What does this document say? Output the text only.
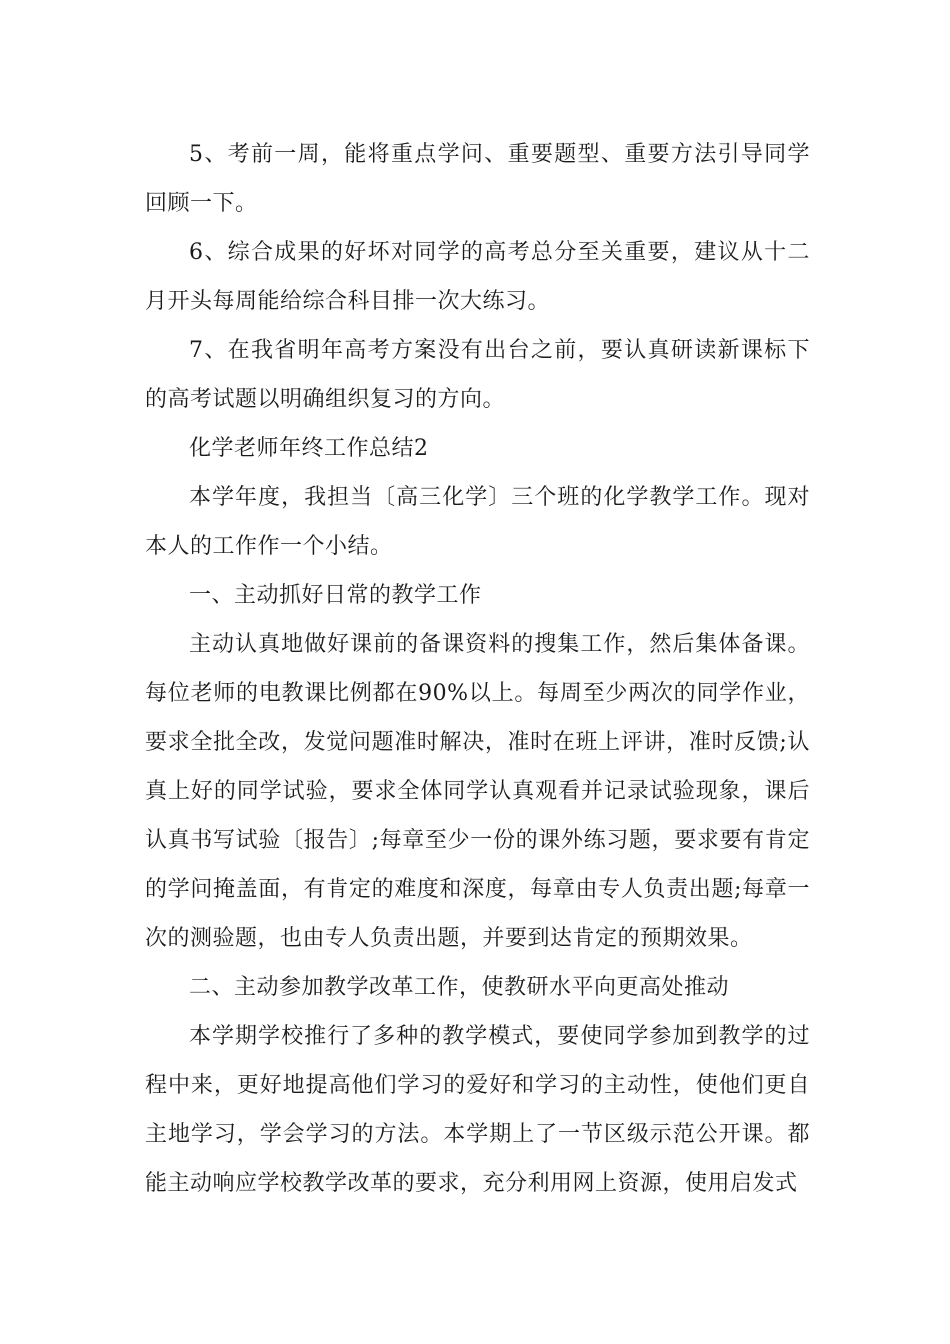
5、考前一周，能将重点学问、重要题型、重要方法引导同学回顾一下。

6、综合成果的好坏对同学的高考总分至关重要，建议从十二月开头每周能给综合科目排一次大练习。

7、在我省明年高考方案没有出台之前，要认真研读新课标下的高考试题以明确组织复习的方向。

化学老师年终工作总结2

本学年度，我担当〔高三化学〕三个班的化学教学工作。现对本人的工作作一个小结。

一、主动抓好日常的教学工作

主动认真地做好课前的备课资料的搜集工作，然后集体备课。每位老师的电教课比例都在90%以上。每周至少两次的同学作业，要求全批全改，发觉问题准时解决，准时在班上评讲，准时反馈;认真上好的同学试验，要求全体同学认真观看并记录试验现象，课后认真书写试验〔报告〕;每章至少一份的课外练习题，要求要有肯定的学问掩盖面，有肯定的难度和深度，每章由专人负责出题;每章一次的测验题，也由专人负责出题，并要到达肯定的预期效果。

二、主动参加教学改革工作，使教研水平向更高处推动

本学期学校推行了多种的教学模式，要使同学参加到教学的过程中来，更好地提高他们学习的爱好和学习的主动性，使他们更自主地学习，学会学习的方法。本学期上了一节区级示范公开课。都能主动响应学校教学改革的要求，充分利用网上资源，使用启发式
